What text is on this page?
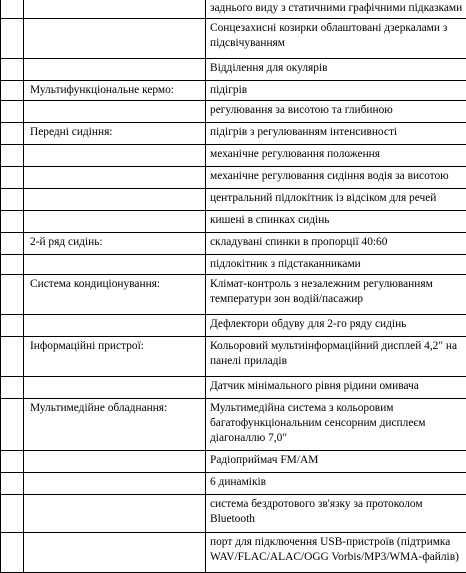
		заднього виду з статичними графічними підказками
		Сонцезахисні козирки облаштовані дзеркалами з підсвічуванням
		Відділення для окулярів
	Мультифункціональне кермо:	підігрів
		регулювання за висотою та глибиною
	Передні сидіння:	підігрів з регулюванням інтенсивності
		механічне регулювання положення
		механічне регулювання сидіння водія за висотою
		центральний підлокітник із відсіком для речей
		кишені в спинках сидінь
	2-й ряд сидінь:	складувані спинки в пропорції 40:60
		підлокітник з підстаканниками
	Система кондиціонування:	Клімат-контроль з незалежним регулюванням температури зон водій/пасажир
		Дефлектори обдуву для 2-го ряду сидінь
	Інформаційні пристрої:	Кольоровий мультиінформаційний дисплей 4,2" на панелі приладів
		Датчик мінімального рівня рідини омивача
	Мультимедійне обладнання:	Мультимедійна система з кольоровим багатофункціональним сенсорним дисплеєм діагоналлю 7,0"
		Радіоприймач FM/AM
		6 динаміків
		система бездротового зв'язку за протоколом Bluetooth
		порт для підключення USB-пристроїв (підтримка WAV/FLAC/ALAC/OGG Vorbis/MP3/WMA-файлів)
